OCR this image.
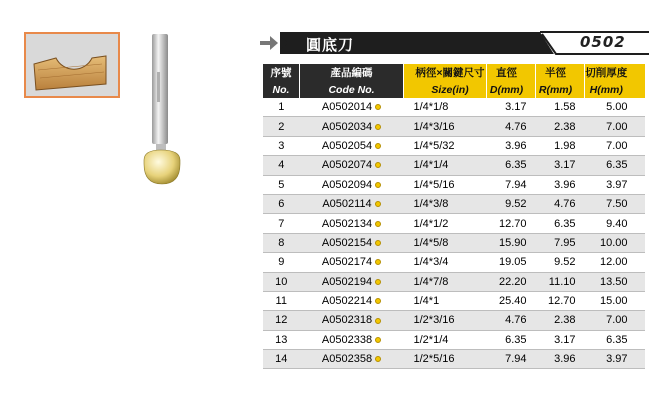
圓底刀	0502
序號	產品編碼	柄徑×關鍵尺寸	直徑	半徑	切削厚度
No.	Code No.	Size(in)	D(mm)	R(mm)	H(mm)
1	A0502014	1/4*1/8	3.17	1.58	5.00
2	A0502034	1/4*3/16	4.76	2.38	7.00
3	A0502054	1/4*5/32	3.96	1.98	7.00
4	A0502074	1/4*1/4	6.35	3.17	6.35
5	A0502094	1/4*5/16	7.94	3.96	3.97
6	A0502114	1/4*3/8	9.52	4.76	7.50
7	A0502134	1/4*1/2	12.70	6.35	9.40
8	A0502154	1/4*5/8	15.90	7.95	10.00
9	A0502174	1/4*3/4	19.05	9.52	12.00
10	A0502194	1/4*7/8	22.20	11.10	13.50
11	A0502214	1/4*1	25.40	12.70	15.00
12	A0502318	1/2*3/16	4.76	2.38	7.00
13	A0502338	1/2*1/4	6.35	3.17	6.35
14	A0502358	1/2*5/16	7.94	3.96	3.97
